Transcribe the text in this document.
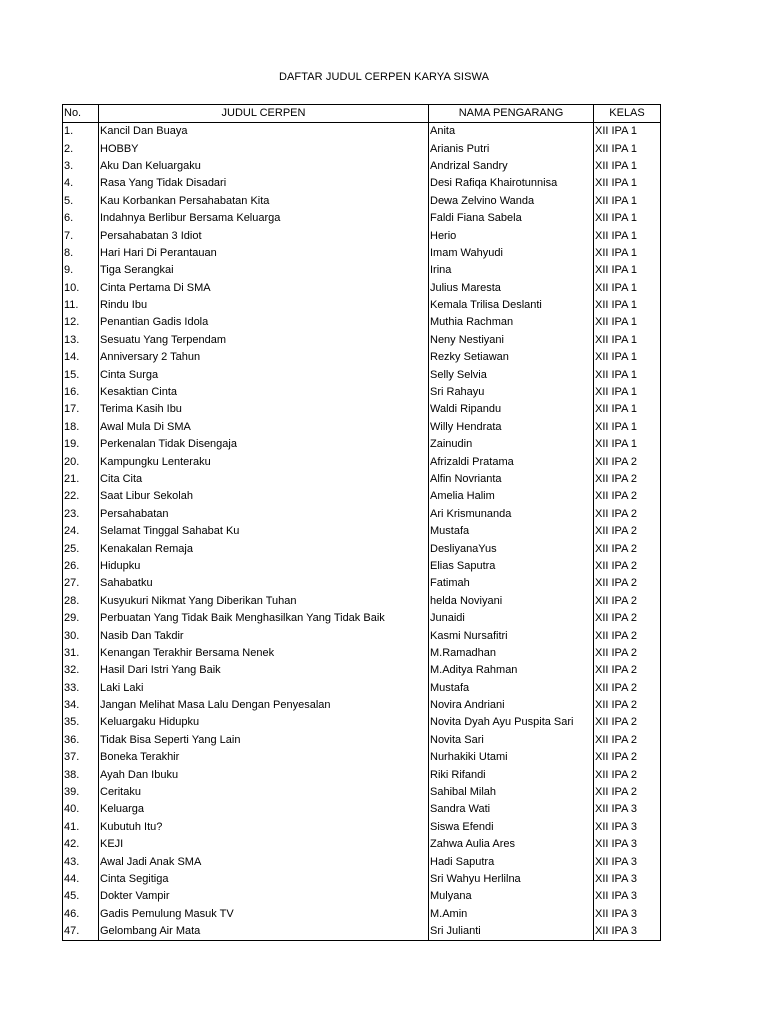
DAFTAR JUDUL CERPEN KARYA SISWA
No.	JUDUL CERPEN	NAMA PENGARANG	KELAS
1.	Kancil Dan Buaya	Anita	XII IPA 1
2.	HOBBY	Arianis Putri	XII IPA 1
3.	Aku Dan Keluargaku	Andrizal Sandry	XII IPA 1
4.	Rasa Yang Tidak Disadari	Desi Rafiqa Khairotunnisa	XII IPA 1
5.	Kau Korbankan Persahabatan Kita	Dewa Zelvino Wanda	XII IPA 1
6.	Indahnya Berlibur Bersama Keluarga	Faldi Fiana Sabela	XII IPA 1
7.	Persahabatan 3 Idiot	Herio	XII IPA 1
8.	Hari Hari Di Perantauan	Imam Wahyudi	XII IPA 1
9.	Tiga Serangkai	Irina	XII IPA 1
10.	Cinta Pertama Di SMA	Julius Maresta	XII IPA 1
11.	Rindu Ibu	Kemala Trilisa Deslanti	XII IPA 1
12.	Penantian Gadis Idola	Muthia Rachman	XII IPA 1
13.	Sesuatu Yang Terpendam	Neny Nestiyani	XII IPA 1
14.	Anniversary 2 Tahun	Rezky Setiawan	XII IPA 1
15.	Cinta Surga	Selly Selvia	XII IPA 1
16.	Kesaktian Cinta	Sri Rahayu	XII IPA 1
17.	Terima Kasih Ibu	Waldi Ripandu	XII IPA 1
18.	Awal Mula Di SMA	Willy Hendrata	XII IPA 1
19.	Perkenalan Tidak Disengaja	Zainudin	XII IPA 1
20.	Kampungku Lenteraku	Afrizaldi Pratama	XII IPA 2
21.	Cita Cita	Alfin Novrianta	XII IPA 2
22.	Saat Libur Sekolah	Amelia Halim	XII IPA 2
23.	Persahabatan	Ari Krismunanda	XII IPA 2
24.	Selamat Tinggal Sahabat Ku	Mustafa	XII IPA 2
25.	Kenakalan Remaja	DesliyanaYus	XII IPA 2
26.	Hidupku	Elias Saputra	XII IPA 2
27.	Sahabatku	Fatimah	XII IPA 2
28.	Kusyukuri Nikmat Yang Diberikan Tuhan	helda Noviyani	XII IPA 2
29.	Perbuatan Yang Tidak Baik Menghasilkan Yang Tidak Baik	Junaidi	XII IPA 2
30.	Nasib Dan Takdir	Kasmi Nursafitri	XII IPA 2
31.	Kenangan Terakhir Bersama Nenek	M.Ramadhan	XII IPA 2
32.	Hasil Dari Istri Yang Baik	M.Aditya Rahman	XII IPA 2
33.	Laki Laki	Mustafa	XII IPA 2
34.	Jangan Melihat Masa Lalu Dengan Penyesalan	Novira Andriani	XII IPA 2
35.	Keluargaku Hidupku	Novita Dyah Ayu Puspita Sari	XII IPA 2
36.	Tidak Bisa Seperti Yang Lain	Novita Sari	XII IPA 2
37.	Boneka Terakhir	Nurhakiki Utami	XII IPA 2
38.	Ayah Dan Ibuku	Riki Rifandi	XII IPA 2
39.	Ceritaku	Sahibal Milah	XII IPA 2
40.	Keluarga	Sandra Wati	XII IPA 3
41.	Kubutuh Itu?	Siswa Efendi	XII IPA 3
42.	KEJI	Zahwa Aulia Ares	XII IPA 3
43.	Awal Jadi Anak SMA	Hadi Saputra	XII IPA 3
44.	Cinta Segitiga	Sri Wahyu Herlilna	XII IPA 3
45.	Dokter Vampir	Mulyana	XII IPA 3
46.	Gadis Pemulung Masuk TV	M.Amin	XII IPA 3
47.	Gelombang Air Mata	Sri Julianti	XII IPA 3
